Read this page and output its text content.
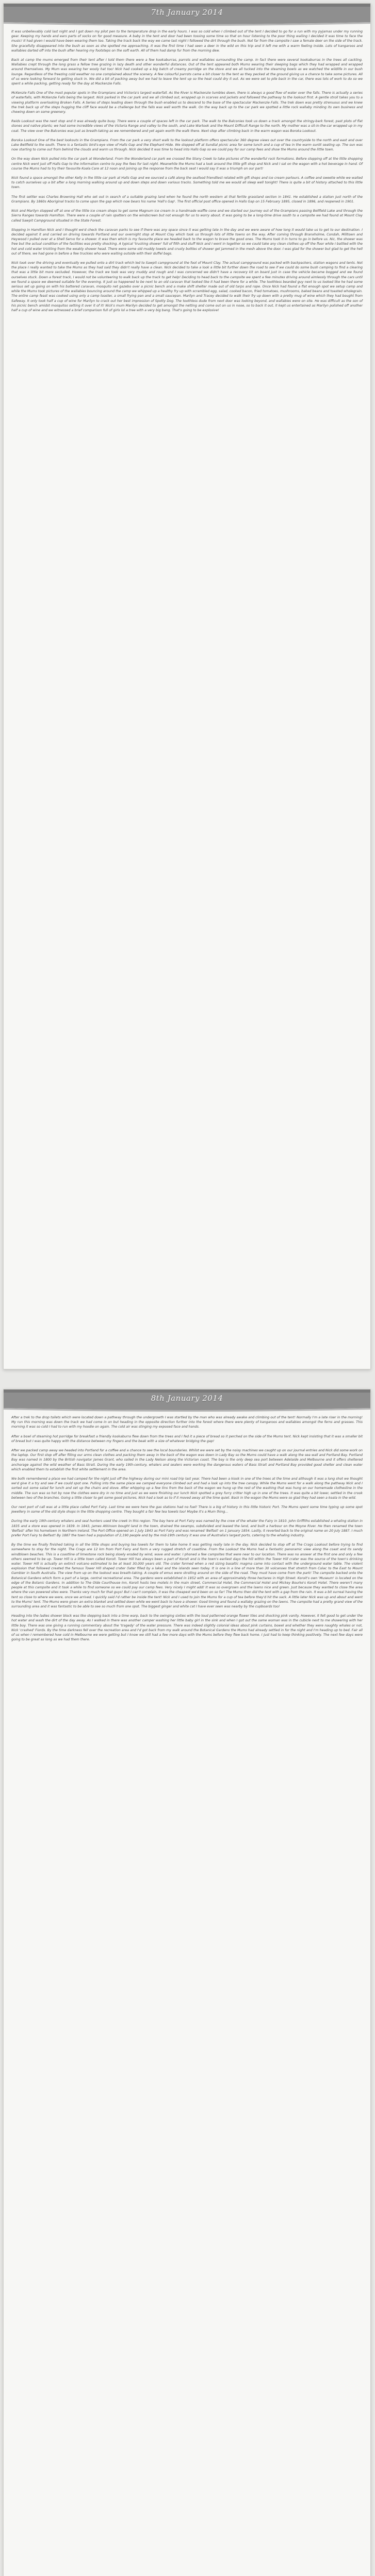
7th January 2014

It was unbelievably cold last night and I got down my pilot pen to the temperature drop in the early hours. I was so cold when I climbed out of the tent I decided to go for a run with my pyjamas under my running gear. Keeping my hands and ears parts of socks on for good measure. A baby in the tent and door had been tossing some time so that on hour listening to the poor thing wailing I decided it was time to face the music! It had given I would have been wearing them too. Taking the track back the way we came last night I followed the dirt through the bush. Not far from the campsite I saw a female deer on the side of the track. She gracefully disappeared into the bush as soon as she spotted me approaching. It was the first time I had seen a deer in the wild on this trip and it left me with a warm feeling inside. Lots of kangaroos and wallabies darted off into the bush after hearing my footsteps on the soft earth. All of them had damp fur from the morning dew.

Back at camp the mums emerged from their tent after I told them there were a few kookaburras, parrots and wallabies surrounding the camp. In fact there were several kookaburras in the trees all cackling. Wallabies crept through the long grass a fellow tree grazing in lazy death and other wonderful distances. Out of the tent appeared both Mums wearing their sleeping bags which they had wrapped and wrapped around themselves. My Mum was wearing her wooly hat too! Nick had cooked up a big batch of creamy porridge on the stove and we all tucked into the steaming bowls as we watched the wildlife in our bush lounge. Regardless of the freezing cold weather no one complained about the scenery. A few colourful parrots came a bit closer to the tent as they pecked at the ground giving us a chance to take some pictures. All of us were looking forward to getting stuck in. We did a bit of packing away but we had to leave the tent up so the heat could dry it out. As we were set to pile back in the car, there was lots of work to do so we spent a while packing, getting ready for the day at Mackenzie Falls.

McKenzie Falls One of the most popular spots in the Grampians and Victoria's largest waterfall. As the River is Mackenzie tumbles down, there is always a good flow of water over the falls. There is actually a series of waterfalls, with McKenzie Falls being the largest. Nick parked in the car park and we all climbed out, wrapped up in scarves and jackets and followed the pathway to the lookout first. A gentle stroll takes you to a viewing platform overlooking Broken Falls. A Series of steps leading down through the bush enabled us to descend to the base of the spectacular Mackenzie Falls. The trek down was pretty strenuous and we knew the trek back up of the steps hugging the cliff face would be a challenge but the falls was well worth the walk. On the way back up to the car park we spotted a little rock wallaby minding its own business and chewing down on some greenery.

Reids Lookout was the next stop and it was already quite busy. There were a couple of spaces left in the car park. The walk to the Balconies took us down a track amongst the stringy-bark forest, past plots of flat stones and native plants; we had some incredible views of the Victoria Range and valley to the south, and Lake Wartook and the Mount Difficult Range to the north. My mother was a sit-in-the-car wrapped up in my coat. The view over the Balconies was just as breath-taking as we remembered and yet again worth the walk there. Next stop after climbing back in the warm wagon was Boroka Lookout.

Boroka Lookout One of the best lookouts in the Grampians. From the car park a very short walk to the lookout platform offers spectacular 360 degree views out over the countryside to the north and east and over Lake Bellfield to the south. There is a fantastic bird's-eye view of Halls Gap and the Elephant Hide. We stopped off at Sundial picnic area for some lunch and a cup of tea in the warm sunlit seating up. The sun was now starting to come out from behind the clouds and warm us through. Nick decided it was time to head into Halls Gap so we could pay for our camp fees and show the Mums around the little town.

On the way down Nick pulled into the car park at Wonderland. From the Wonderland car park we crossed the Stony Creek to take pictures of the wonderful rock formations. Before stopping off at the little shopping centre Nick went just off Halls Gap to the information centre to pay the fees for last night. Meanwhile the Mums had a look around the little gift shop and Nick and I sat on the wagon with a hot beverage in hand. Of course the Mums had to try their favourite Koala Care at 12 noon and joining up the response from the back seat I would say it was a triumph on our part!

Nick found a space amongst the other Kelly in the little car park at Halls Gap and we sourced a café along the seafood friendliest related with gift shops and ice cream parlours. A coffee and sweetie while we waited to catch ourselves up a bit after a long morning walking around up and down steps and down various tracks. Something told me we would all sleep well tonight! There is quite a bit of history attached to this little town.

The first settler was Charles Browning Hall who set out in search of a suitable grazing land when he found the north western at that fertile grassland section in 1841. He established a station just north of the Grampians. By 1860s Aboriginal tracks to come upon the gap which now bears his name 'Hall's Gap'. The first official post office opened in Halls Gap on 15 February 1895, closed in 1896, and reopened in 1901.

Nick and Marilyn stopped off at one of the little ice cream shops to get some Magnum ice cream in a handmade waffle cone and we started our journey out of the Grampians passing Bellfield Lake and through the Sierra Ranges towards Hamilton. There were a couple of rain spatters on the windscreen but not enough for us to worry about. It was going to be a long-time drive south to a campsite we had found at Mount Clay called Sawpit Campground situated in the State Forest.

Stopping in Hamilton Nick and I thought we'd check the caravan parks to see if there was any space since it was getting late in the day and we were aware of how long it would take us to get to our destination. I decided against it and carried on driving towards Portland and our overnight stop at Mount Clay which took us through lots of little towns on the way. After coming through Branxholme, Condah, Milltown and Heywood I pulled over at a Shell Servo for a shower. It was then which is my favourite place we headed back to the wagon to brave the good ones. The Mums took it in turns to go in before us. Nic, the shower was free but the actual condition of the facilities was pretty shocking. A typical 'trucking shower' full of filth and stuff Nick and I went in together so we could take any clean clothes up off the floor while I battled with the hot and cold water trickling from the weakly shower head. There were some old muddy towels and crusty bottles of shower gel jammed in the mesh above the door. I was glad for the shower but glad to get the hell out of there, we had gone in before a few truckies who were waiting outside with their duffel bags.

Nick took over the driving and eventually we pulled onto a dirt track which led to Sawpit campground at the foot of Mount Clay. The actual campground was packed with backpackers, station wagons and tents. Not the place I really wanted to take the Mums as they had said they didn't really have a clean. Nick decided to take a look a little bit further down the road to see if we could do some bush camping to find a clearing that was a little bit more secluded. However, the track we took was very muddy and rough and I was concerned we didn't have a recovery kit on board just in case the vehicle became bogged and we found ourselves stuck. Down a forest track, I would not be volunteering to walk back up the track to get help! Deciding to head back to the campsite we spent a few minutes driving around aimlessly through the cars until we found a space we deemed suitable for the evening. It just so happened to be next to an old caravan that looked like it had been there for a while. The toothless bearded guy next to us looked like he had some serious set up going on with his battered caravan, mosquito net gazebo over a picnic bench and a make shift shelter made out of old tarps and rope. Once Nick had found a flat enough spot we setup camp and while the Mums took pictures of the wallabies bouncing around the camp we whipped up a healthy fry up with scrambled egg, salad, cooked bacon, fried tomatoes, mushrooms, baked beans and toasted wholegrain. The entire camp feast was cooked using only a camp toaster, a small frying pan and a small saucepan. Marilyn and Tracey decided to walk their fry up down with a pretty mug of wine which they had bought from Safeway. It only took half a cup of wine for Marilyn to crack out her best impression of Spotty Dog. The toothless dude from next door was looking beyond, and wallabies were on site. He was difficult as the son of his picnic bench amidst mosquitos setting it over it of it! Nick's mum Marilyn decided to get amongst the netting and come out on us in nooe, so to back it out, it kept us entertained as Marilyn polished off another half a cup of wine and we witnessed a brief comparison full of girls lol a tree with a very big bang. That's going to be explosive!

8th January 2014

After a trek to the drop toilets which were located down a pathway through the undergrowth I was startled by the man who was already awake and climbing out of the tent! Normally I'm a late riser in the morning! My run this morning was down the track we had come in on but heading in the opposite direction further into the forest where there were plenty of kangaroos and wallabies amongst the ferns and grasses. This morning it was so cold I had to run with my hoodie on again. The cold air was stinging my exposed face and hands.

After a bowl of steaming hot porridge for breakfast a friendly kookaburra flew down from the trees and I fed it a piece of bread so it perched on the side of the Mums tent. Nick kept insisting that it was a smaller bit of bread but I was quite happy with the distance between my fingers and the beak with a size of whatever bridging the gap!

After we packed camp away we headed into Portland for a coffee and a chance to see the local boundaries. Whilst we were set by the noisy machines we caught up on our journal entries and Nick did some work on the laptop. Our first stop off after filling our arms clean clothes and packing them away in the back of the wagon was down in Lady Bay so the Mums could have a walk along the sea wall and Portland Bay. Portland Bay was named in 1800 by the British navigator James Grant, who sailed in the Lady Nelson along the Victorian coast. The bay is the only deep sea port between Adelaide and Melbourne and it offers sheltered anchorage against the wild weather of Bass Strait. During the early 19th-century, whalers and sealers were working the dangerous waters of Bass Strait and Portland Bay provided good shelter and clean water which enabled them to establish the first white settlement in the area.

We both remembered a place we had camped for the night just off the highway during our mini road trip last year. There had been a kiosk in one of the trees at the time and although it was a long shot we thought we'd give it a try and see if we could spot one. Pulling into the same place we camped everyone climbed out and had a look up into the tree canopy. While the Mums went for a walk along the pathway Nick and I sorted out some salad for lunch and set up the chairs and stove. After whipping up a few tins from the back of the wagon we hung up the rest of the washing that was hung on our homemade clothesline in the middle. The sun was so hot by now the clothes were dry in no time and just as we were finishing our lunch Nick spotted a grey furry critter high up in one of the trees. It was quite a bit lower, settled in the crook between two of the branches. Going a little closer to get some good pictures, Nick had a look as to if it moved away all the time quiet. Back in the wagon the Mums were so glad they had seen a koala in the wild.

Our next port of call was at a little place called Port Fairy. Last time we were here the gas stations had no fuel! There is a big of history in this little historic Port. The Mums spent some time typing up some spot jewellery in some of the old style shops in the little shopping centre. They bought a fair few tea towels too! Maybe it's a Mum thing...

During the early 19th-century whalers and seal hunters used the creek in this region. The bay here at Port Fairy was named by the crew of the whaler the Fairy in 1810. John Griffiths established a whaling station in 1835 and a store was opened in 1839. In 1843, James Atkinson bought land in the town, drained the swamps, subdivided and leased the land, and built a harbour on the Moyne River. He then renamed the town 'Belfast' after his hometown in Northern Ireland. The Port Office opened on 1 July 1843 as Port Fairy and was renamed 'Belfast' on 1 January 1854. Lastly, it reverted back to the original name on 20 July 1887. I much prefer Port Fairy to Belfast! By 1887 the town had a population of 2,190 people and by the mid-19th century it was one of Australia's largest ports, catering to the whaling industry.

By the time we finally finished taking in all the little shops and buying tea towels for them to take home it was getting really late in the day. Nick decided to stop off at The Crags Lookout before trying to find somewhere to stay for the night. The Crags are 12 km from Port Fairy and form a very rugged stretch of coastline. From the Lookout the Mums had a fantastic panoramic view along the coast and its sandy windblown beaches. This is a coastline of limestone rock being slowly eroded by wind, wave and water. I phoned a few campsites that were near to our location. There was no answer at the first one and only a few others seemed to be up. Tower Hill is a little town called Koroit. Tower Hill has always been a part of Koroit and is the town's earliest days the hill within the Tower Hill crater was the source of the town's drinking water. Tower Hill is actually an extinct volcano estimated to be at least 30,000 years old. The crater formed when a red sizing basaltic magma came into contact with the underground water table. The violent explosion that followed created the famous Tower Hill shaped crater (later filled by a lake) and the islands seen today. It is one in a line of more than 30 volcanoes that stretch from Colac to the East to Mount Gambier in South Australia. The view from up on the lookout was breath-taking. A couple of emus were strolling around on the side of the road. They must have come from the park! The campsite backed onto the Botanical Gardens which form a part of a large, central recreational area. The gardens were established in 1852 with an area of approximately three hectares in High Street. Koroit's own 'Museum' is located on the edge of the Botanic Gardens. In addition to The Olde Courthouse Inn, Koroit hosts two motels in the main street, Commercial Hotel, the Commercial Hotel and Mickey Bourke's Koroit Hotel. There weren't many people at this campsite and it took a while to find someone so we could pay our camp fees. Very nicely I might add! It was so overgrown and the lawns nice and green. Just because they wanted to close the area where the van powered sites were. Thanks very much for that guys! But I can't complain, it was the cheapest we'd been on so far! The Mums then did the tent with a gap from the rain. It was a bit surreal having the tent so close to where we were, once we arrived. I quickly said I'd rather be inside the tent! Nick and I used to join the Mums for a cup of tea before they'd hit the sack. A little later Nick was up and about and went to the Mums' tent. The Mums were given an extra blanket and settled down while we went back to have a shower. Good timing and found a wallaby grazing on the lawns. The campsite had a pretty grand view of the surrounding area and it was fantastic to be able to see so much from one spot. The biggest ginger and white cat I have ever seen was nearby by the cupboards too!

Heading into the ladies shower block was like stepping back into a time warp, back to the swinging sixties with the loud patterned orange flower tiles and shocking pink vanity. However, it felt good to get under the hot water and wash the dirt of the day away. As I walked in there was another camper washing her little baby girl in the sink and when I got out the same woman was in the cubicle next to me showering with her little boy. There was one giving a running commentary about the 'tragedy' of the water pressure. There was indeed slightly colonial ideas about pink curtains, bowel and whether they were naughty whales or not, Nick 'crashed' Fiords. By the time darkness fell over the recreation area and I'd got back from my walk around the Botanical Gardens the Mums had already settled in for the night and I'm heading up to bed. Fair all of us when I remembered how cold in Melbourne we were getting but I know we still had a few more days with the Mums before they flew back home. I just had to keep thinking positively. The next few days were going to be great as long as we had them there.
